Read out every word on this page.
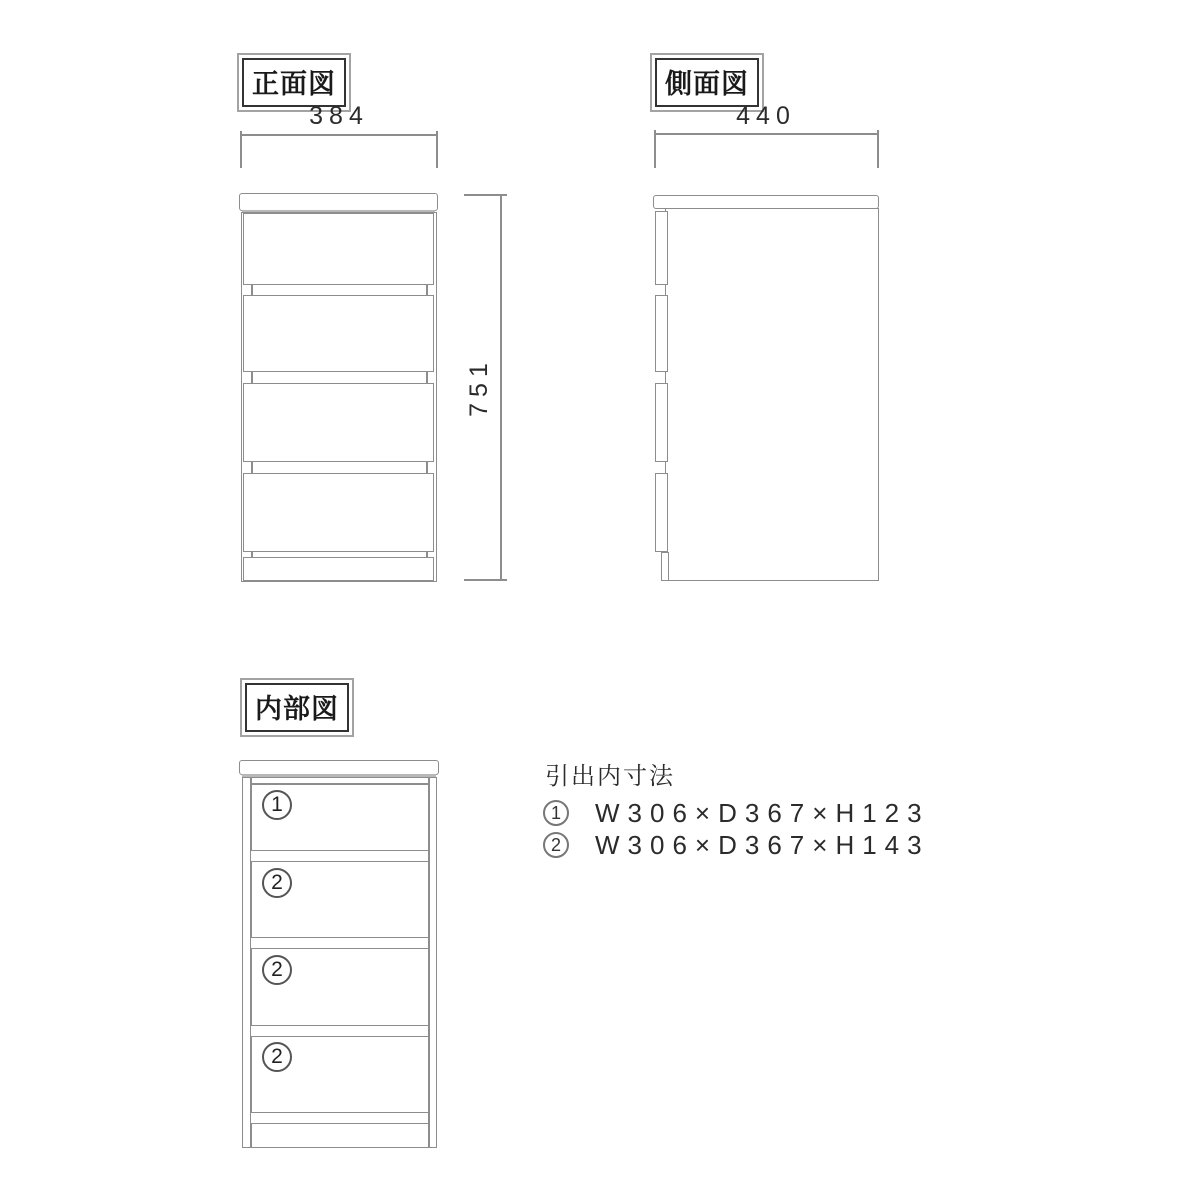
正面図
384
751
側面図
440
内部図
1
2
2
2
引出内寸法
1	W306×D367×H123
2	W306×D367×H143
